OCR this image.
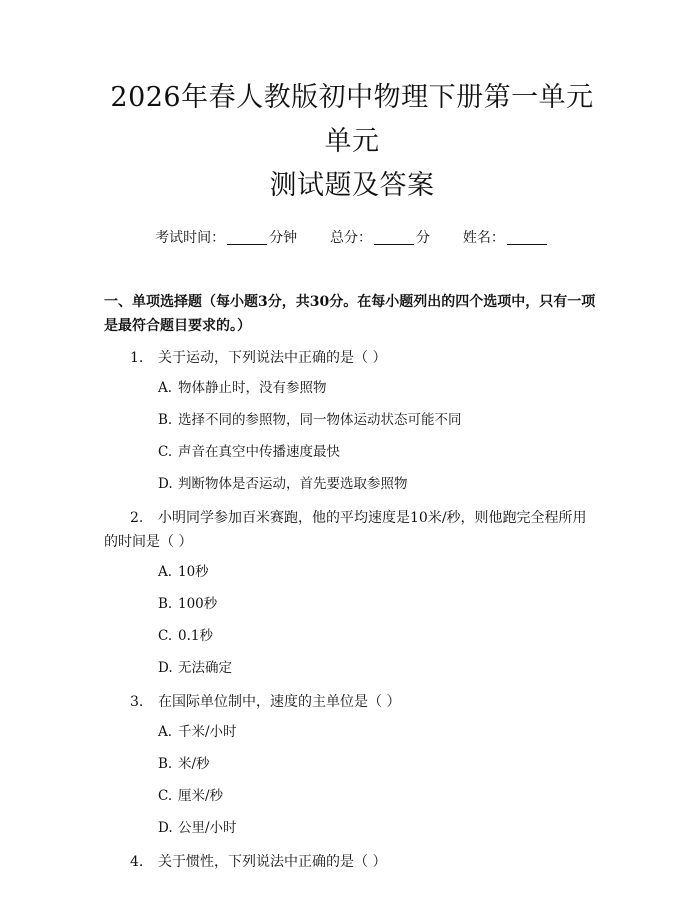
2026年春人教版初中物理下册第一单元单元
测试题及答案
考试时间：	分钟 总分：	分 姓名：
一、单项选择题（每小题3分，共30分。在每小题列出的四个选项中，只有一项是最符合题目要求的。）
1. 关于运动，下列说法中正确的是（ ）
A. 物体静止时，没有参照物
B. 选择不同的参照物，同一物体运动状态可能不同
C. 声音在真空中传播速度最快
D. 判断物体是否运动，首先要选取参照物
2. 小明同学参加百米赛跑，他的平均速度是10米/秒，则他跑完全程所用的时间是（ ）
A. 10秒
B. 100秒
C. 0.1秒
D. 无法确定
3. 在国际单位制中，速度的主单位是（ ）
A. 千米/小时
B. 米/秒
C. 厘米/秒
D. 公里/小时
4. 关于惯性，下列说法中正确的是（ ）
